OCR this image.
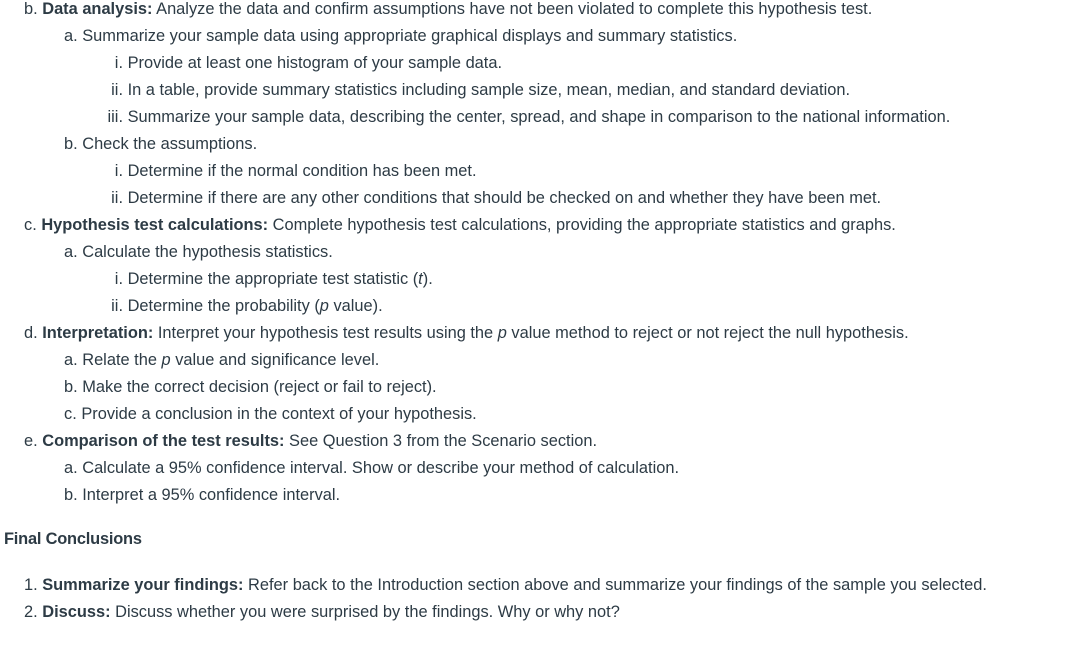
b. Data analysis: Analyze the data and confirm assumptions have not been violated to complete this hypothesis test.
a. Summarize your sample data using appropriate graphical displays and summary statistics.
i. Provide at least one histogram of your sample data.
ii. In a table, provide summary statistics including sample size, mean, median, and standard deviation.
iii. Summarize your sample data, describing the center, spread, and shape in comparison to the national information.
b. Check the assumptions.
i. Determine if the normal condition has been met.
ii. Determine if there are any other conditions that should be checked on and whether they have been met.
c. Hypothesis test calculations: Complete hypothesis test calculations, providing the appropriate statistics and graphs.
a. Calculate the hypothesis statistics.
i. Determine the appropriate test statistic (t).
ii. Determine the probability (p value).
d. Interpretation: Interpret your hypothesis test results using the p value method to reject or not reject the null hypothesis.
a. Relate the p value and significance level.
b. Make the correct decision (reject or fail to reject).
c. Provide a conclusion in the context of your hypothesis.
e. Comparison of the test results: See Question 3 from the Scenario section.
a. Calculate a 95% confidence interval. Show or describe your method of calculation.
b. Interpret a 95% confidence interval.
Final Conclusions
1. Summarize your findings: Refer back to the Introduction section above and summarize your findings of the sample you selected.
2. Discuss: Discuss whether you were surprised by the findings. Why or why not?
